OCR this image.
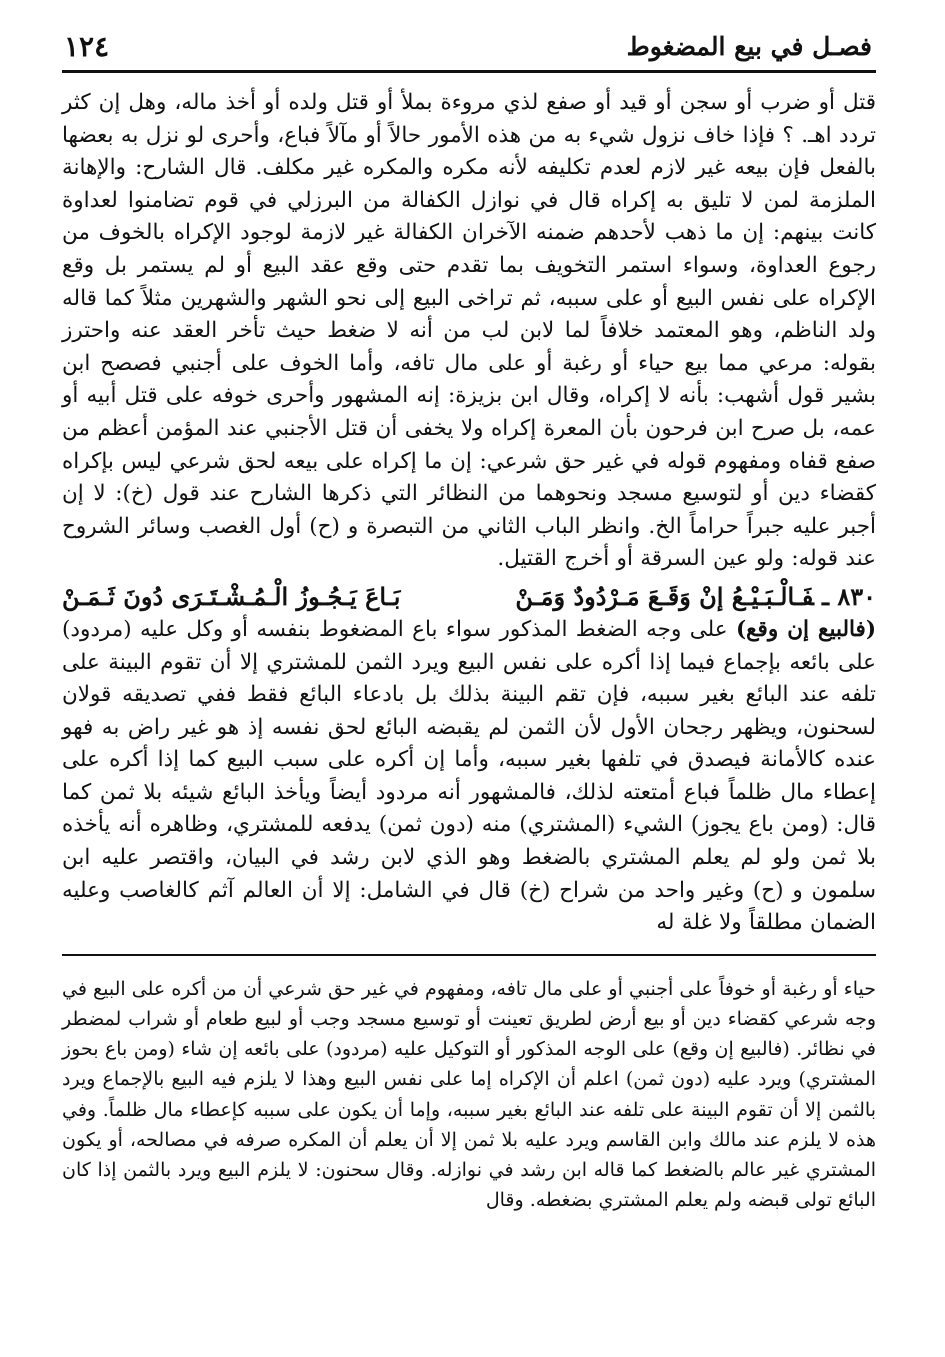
فصـل في بيع المضغوط
١٢٤

قتل أو ضرب أو سجن أو قيد أو صفع لذي مروءة بملأ أو قتل ولده أو أخذ ماله، وهل إن كثر تردد اهـ. ؟ فإذا خاف نزول شيء به من هذه الأمور حالاً أو مآلاً فباع، وأحرى لو نزل به بعضها بالفعل فإن بيعه غير لازم لعدم تكليفه لأنه مكره والمكره غير مكلف. قال الشارح: والإهانة الملزمة لمن لا تليق به إكراه قال في نوازل الكفالة من البرزلي في قوم تضامنوا لعداوة كانت بينهم: إن ما ذهب لأحدهم ضمنه الآخران الكفالة غير لازمة لوجود الإكراه بالخوف من رجوع العداوة، وسواء استمر التخويف بما تقدم حتى وقع عقد البيع أو لم يستمر بل وقع الإكراه على نفس البيع أو على سببه، ثم تراخى البيع إلى نحو الشهر والشهرين مثلاً كما قاله ولد الناظم، وهو المعتمد خلافاً لما لابن لب من أنه لا ضغط حيث تأخر العقد عنه واحترز بقوله: مرعي مما بيع حياء أو رغبة أو على مال تافه، وأما الخوف على أجنبي فصصح ابن بشير قول أشهب: بأنه لا إكراه، وقال ابن بزيزة: إنه المشهور وأحرى خوفه على قتل أبيه أو عمه، بل صرح ابن فرحون بأن المعرة إكراه ولا يخفى أن قتل الأجنبي عند المؤمن أعظم من صفع قفاه ومفهوم قوله في غير حق شرعي: إن ما إكراه على بيعه لحق شرعي ليس بإكراه كقضاء دين أو لتوسيع مسجد ونحوهما من النظائر التي ذكرها الشارح عند قول (خ): لا إن أجبر عليه جبراً حراماً الخ. وانظر الباب الثاني من التبصرة و (ح) أول الغصب وسائر الشروح عند قوله: ولو عين السرقة أو أخرج القتيل.

٨٣٠ ـفَـالْـبَـيْـعُ إنْ وَقَـعَ مَـرْدُودٌ وَمَـنْ
بَـاعَ يَـجُـوزُ الْـمُـشْـتَـرَى دُونَ ثَـمَـنْ

(فالبيع إن وقع) على وجه الضغط المذكور سواء باع المضغوط بنفسه أو وكل عليه (مردود) على بائعه بإجماع فيما إذا أكره على نفس البيع ويرد الثمن للمشتري إلا أن تقوم البينة على تلفه عند البائع بغير سببه، فإن تقم البينة بذلك بل بادعاء البائع فقط ففي تصديقه قولان لسحنون، ويظهر رجحان الأول لأن الثمن لم يقبضه البائع لحق نفسه إذ هو غير راض به فهو عنده كالأمانة فيصدق في تلفها بغير سببه، وأما إن أكره على سبب البيع كما إذا أكره على إعطاء مال ظلماً فباع أمتعته لذلك، فالمشهور أنه مردود أيضاً ويأخذ البائع شيئه بلا ثمن كما قال: (ومن باع يجوز) الشيء (المشتري) منه (دون ثمن) يدفعه للمشتري، وظاهره أنه يأخذه بلا ثمن ولو لم يعلم المشتري بالضغط وهو الذي لابن رشد في البيان، واقتصر عليه ابن سلمون و (ح) وغير واحد من شراح (خ) قال في الشامل: إلا أن العالم آثم كالغاصب وعليه الضمان مطلقاً ولا غلة له

حياء أو رغبة أو خوفاً على أجنبي أو على مال تافه، ومفهوم في غير حق شرعي أن من أكره على البيع في وجه شرعي كقضاء دين أو بيع أرض لطريق تعينت أو توسيع مسجد وجب أو لبيع طعام أو شراب لمضطر في نظائر. (فالبيع إن وقع) على الوجه المذكور أو التوكيل عليه (مردود) على بائعه إن شاء (ومن باع بحوز المشتري) ويرد عليه (دون ثمن) اعلم أن الإكراه إما على نفس البيع وهذا لا يلزم فيه البيع بالإجماع ويرد بالثمن إلا أن تقوم البينة على تلفه عند البائع بغير سببه، وإما أن يكون على سببه كإعطاء مال ظلماً. وفي هذه لا يلزم عند مالك وابن القاسم ويرد عليه بلا ثمن إلا أن يعلم أن المكره صرفه في مصالحه، أو يكون المشتري غير عالم بالضغط كما قاله ابن رشد في نوازله. وقال سحنون: لا يلزم البيع ويرد بالثمن إذا كان البائع تولى قبضه ولم يعلم المشتري بضغطه. وقال
